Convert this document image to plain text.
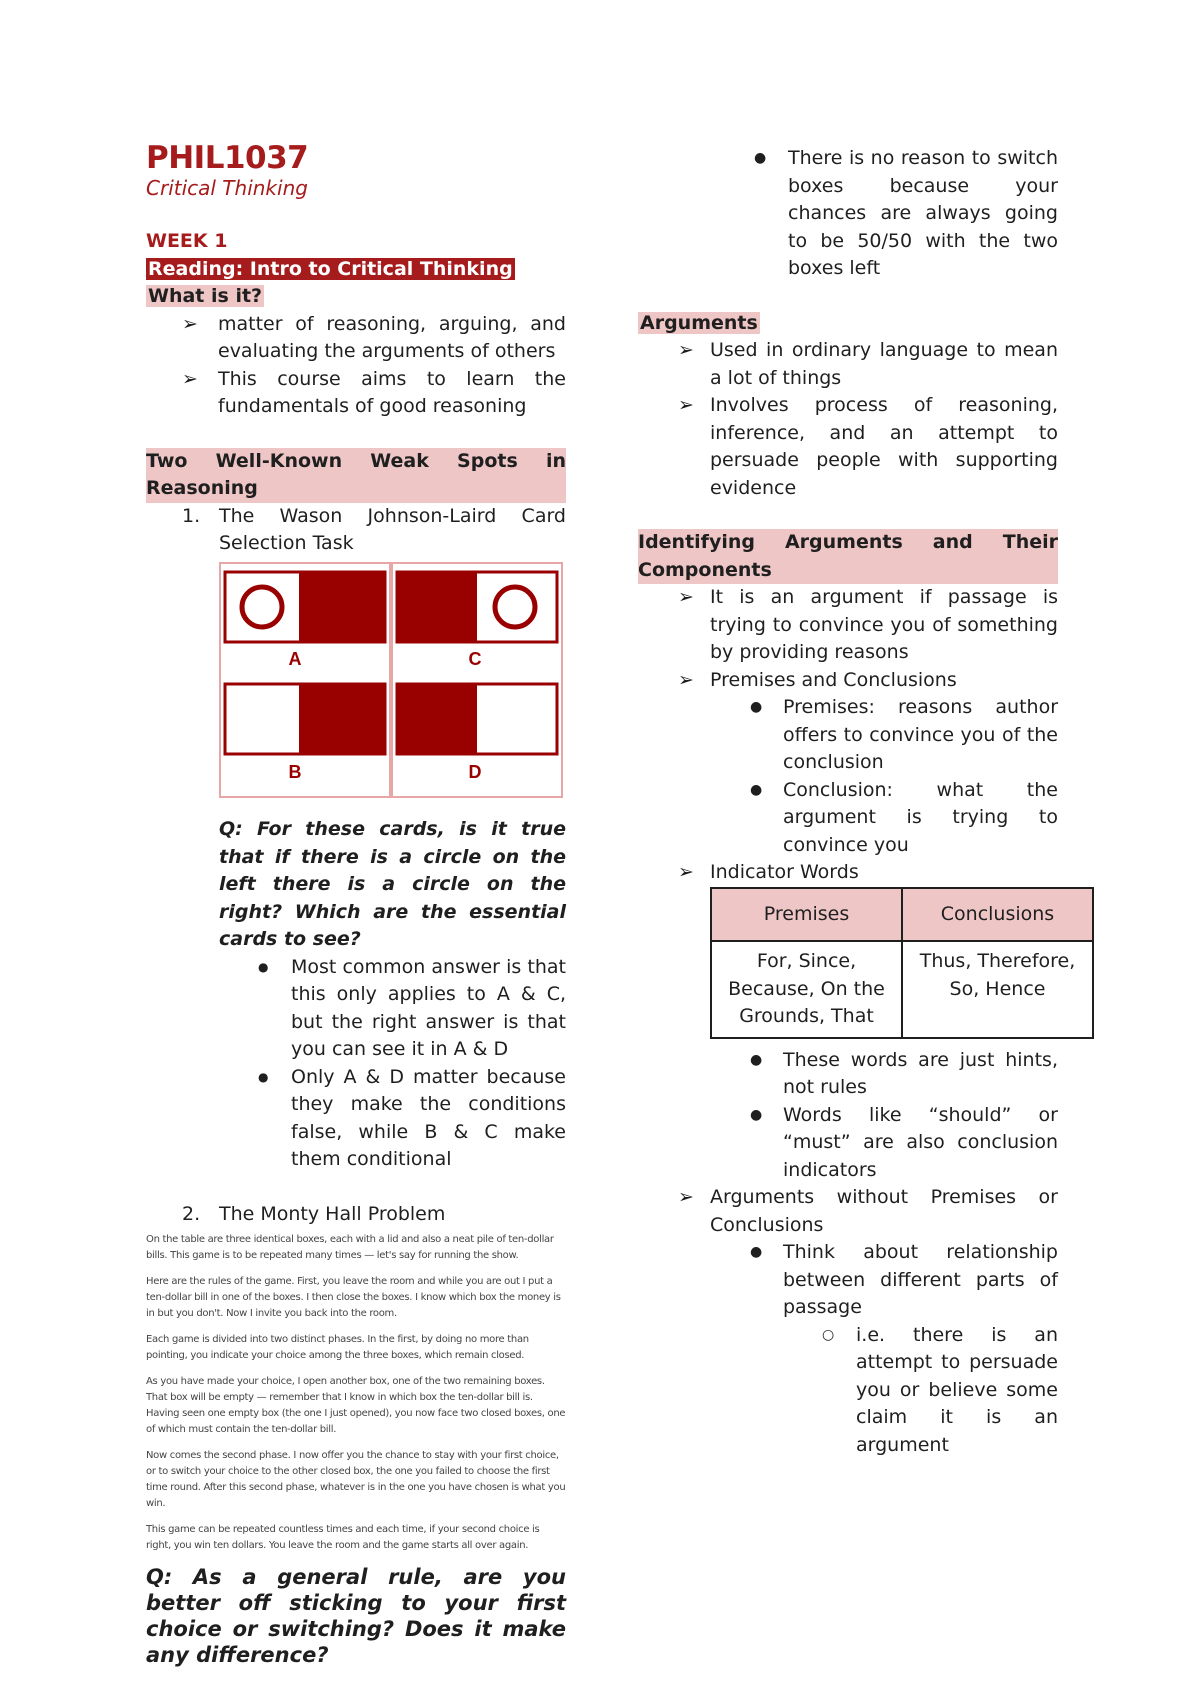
PHIL1037
Critical Thinking
WEEK 1
Reading: Intro to Critical Thinking
What is it?
➢ matter of reasoning, arguing, and evaluating the arguments of others
➢ This course aims to learn the fundamentals of good reasoning
Two Well-Known Weak Spots in Reasoning
1. The Wason Johnson-Laird Card Selection Task
A	C
B	D
Q: For these cards, is it true that if there is a circle on the left there is a circle on the right? Which are the essential cards to see?
● Most common answer is that this only applies to A & C, but the right answer is that you can see it in A & D
● Only A & D matter because they make the conditions false, while B & C make them conditional
2. The Monty Hall Problem

On the table are three identical boxes, each with a lid and also a neat pile of ten-dollar bills. This game is to be repeated many times — let's say for running the show.

Here are the rules of the game. First, you leave the room and while you are out I put a ten-dollar bill in one of the boxes. I then close the boxes. I know which box the money is in but you don't. Now I invite you back into the room.

Each game is divided into two distinct phases. In the first, by doing no more than pointing, you indicate your choice among the three boxes, which remain closed.

As you have made your choice, I open another box, one of the two remaining boxes. That box will be empty — remember that I know in which box the ten-dollar bill is. Having seen one empty box (the one I just opened), you now face two closed boxes, one of which must contain the ten-dollar bill.

Now comes the second phase. I now offer you the chance to stay with your first choice, or to switch your choice to the other closed box, the one you failed to choose the first time round. After this second phase, whatever is in the one you have chosen is what you win.

This game can be repeated countless times and each time, if your second choice is right, you win ten dollars. You leave the room and the game starts all over again.

Q: As a general rule, are you better off sticking to your first choice or switching? Does it make any difference?
● There is no reason to switch boxes because your chances are always going to be 50/50 with the two boxes left
Arguments
➢ Used in ordinary language to mean a lot of things
➢ Involves process of reasoning, inference, and an attempt to persuade people with supporting evidence
Identifying Arguments and Their Components
➢ It is an argument if passage is trying to convince you of something by providing reasons
➢ Premises and Conclusions
● Premises: reasons author offers to convince you of the conclusion
● Conclusion: what the argument is trying to convince you
➢ Indicator Words
Premises	Conclusions
For, Since, Because, On the Grounds, That	Thus, Therefore, So, Hence
● These words are just hints, not rules
● Words like “should” or “must” are also conclusion indicators
➢ Arguments without Premises or Conclusions
● Think about relationship between different parts of passage
○ i.e. there is an attempt to persuade you or believe some claim it is an argument
